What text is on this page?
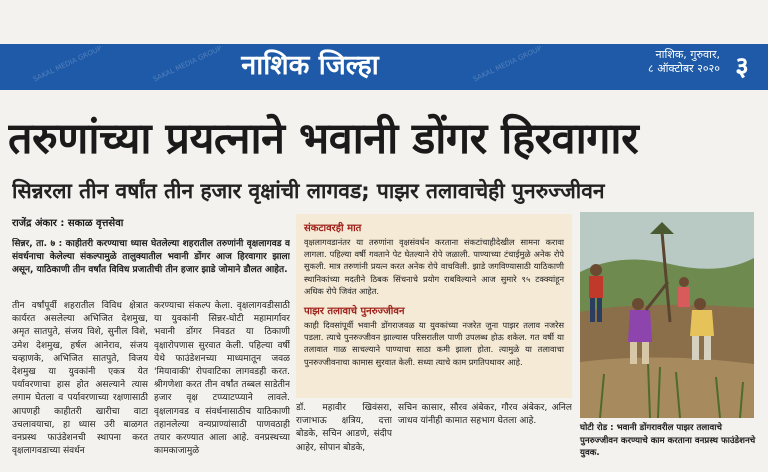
SAKAL MEDIA GROUP	SAKAL MEDIA GROUP	SAKAL MEDIA GROUP
नाशिक जिल्हा	नाशिक, गुरुवार,
८ ऑक्टोबर २०२० ३
तरुणांच्या प्रयत्नाने भवानी डोंगर हिरवागार
सिन्नरला तीन वर्षांत तीन हजार वृक्षांची लागवड; पाझर तलावाचेही पुनरुज्जीवन
राजेंद्र अंकार : सकाळ वृत्तसेवा
सिन्नर, ता. ७ : काहीतरी करण्याचा ध्यास घेतलेल्या शहरातील तरुणांनी वृक्षलागवड व संवर्धनाचा केलेल्या संकल्पामुळे तालुक्यातील भवानी डोंगर आज हिरवागार झाला असून, याठिकाणी तीन वर्षांत विविध प्रजातीची तीन हजार झाडे जोमाने डौलत आहेत.
तीन वर्षांपूर्वी शहरातील विविध क्षेत्रात कार्यरत असलेल्या अभिजित देशमुख, अमृत सातपुते, संजय विशे, सुनील विशे, उमेश देशमुख, हर्षल आनेराव, संजय चव्हाणके, अभिजित सातपुते, विजय देशमुख या युवकांनी एकत्र येत पर्यावरणाचा हास होत असल्याने त्यास लगाम घेतला व पर्यावरणाच्या रक्षणासाठी आपणही काहीतरी खारीचा वाटा उचलावयाचा, हा ध्यास उरी बाळगत वनप्रस्थ फाउंडेशनची स्थापना करत वृक्षलागवडाच्या संवर्धन
करण्याचा संकल्प केला. वृक्षलागवडीसाठी या युवकांनी सिन्नर-घोटी महामार्गावर भवानी डोंगर निवडत या ठिकाणी वृक्षारोपणास सुरवात केली. पहिल्या वर्षी येथे फाउंडेशनच्या माध्यमातून जवळ 'मियावाकी' रोपवाटिका लागवडही करत. श्रीगणेशा करत तीन वर्षांत तब्बल साडेतीन हजार वृक्ष टप्प्याटप्प्याने लावले. वृक्षलागवड व संवर्धनासाठीच याठिकाणी तहानलेल्या वन्यप्राण्यांसाठी पाणवठाही तयार करण्यात आला आहे. वनप्रस्थच्या कामकाजामुळे
संकटावरही मात
वृक्षलागवडानंतर या तरुणांना वृक्षसंवर्धन करताना संकटांचाहीदेखील सामना करावा लागला. पहिल्या वर्षी गवताने पेट घेतल्याने रोपे जळाली. पाण्याच्या टंचाईमुळे अनेक रोपे सुकली. मात्र तरुणांनी प्रयत्न करत अनेक रोपे वाचविली. झाडे जगविण्यासाठी याठिकाणी स्थानिकांच्या मदतीने ठिबक सिंचनाचे प्रयोग राबविल्याने आज सुमारे ९५ टक्क्यांहून अधिक रोपे जिवंत आहेत.
पाझर तलावाचे पुनरुज्जीवन
काही दिवसांपूर्वी भवानी डोंगराजवळ या युवकांच्या नजरेत जुना पाझर तलाव नजरेस पडला. त्याचे पुनरुज्जीवन झाल्यास परिसरातील पाणी उपलब्ध होऊ शकेल. गत वर्षी या तलावात गाळ साचल्याने पाण्याचा साठा कमी झाला होता. त्यामुळे या तलावाचा पुनरुज्जीवनाचा कामास सुरवात केली. सध्या त्याचे काम प्रगतिपथावर आहे.
डॉ. महावीर खिवंसरा, राजाभाऊ क्षत्रिय, दत्ता बोडके, सचिन आडणे, संदीप आहेर, सोपान बोडके,
सचिन कासार, सौरव अंबेकर, गौरव अंबेकर, अनिल जाधव यांनीही कामात सहभाग घेतला आहे.
घोटी रोड : भवानी डोंगरावरील पाझर तलावाचे पुनरुज्जीवन करण्याचे काम करताना वनप्रस्थ फाउंडेशनचे युवक.
